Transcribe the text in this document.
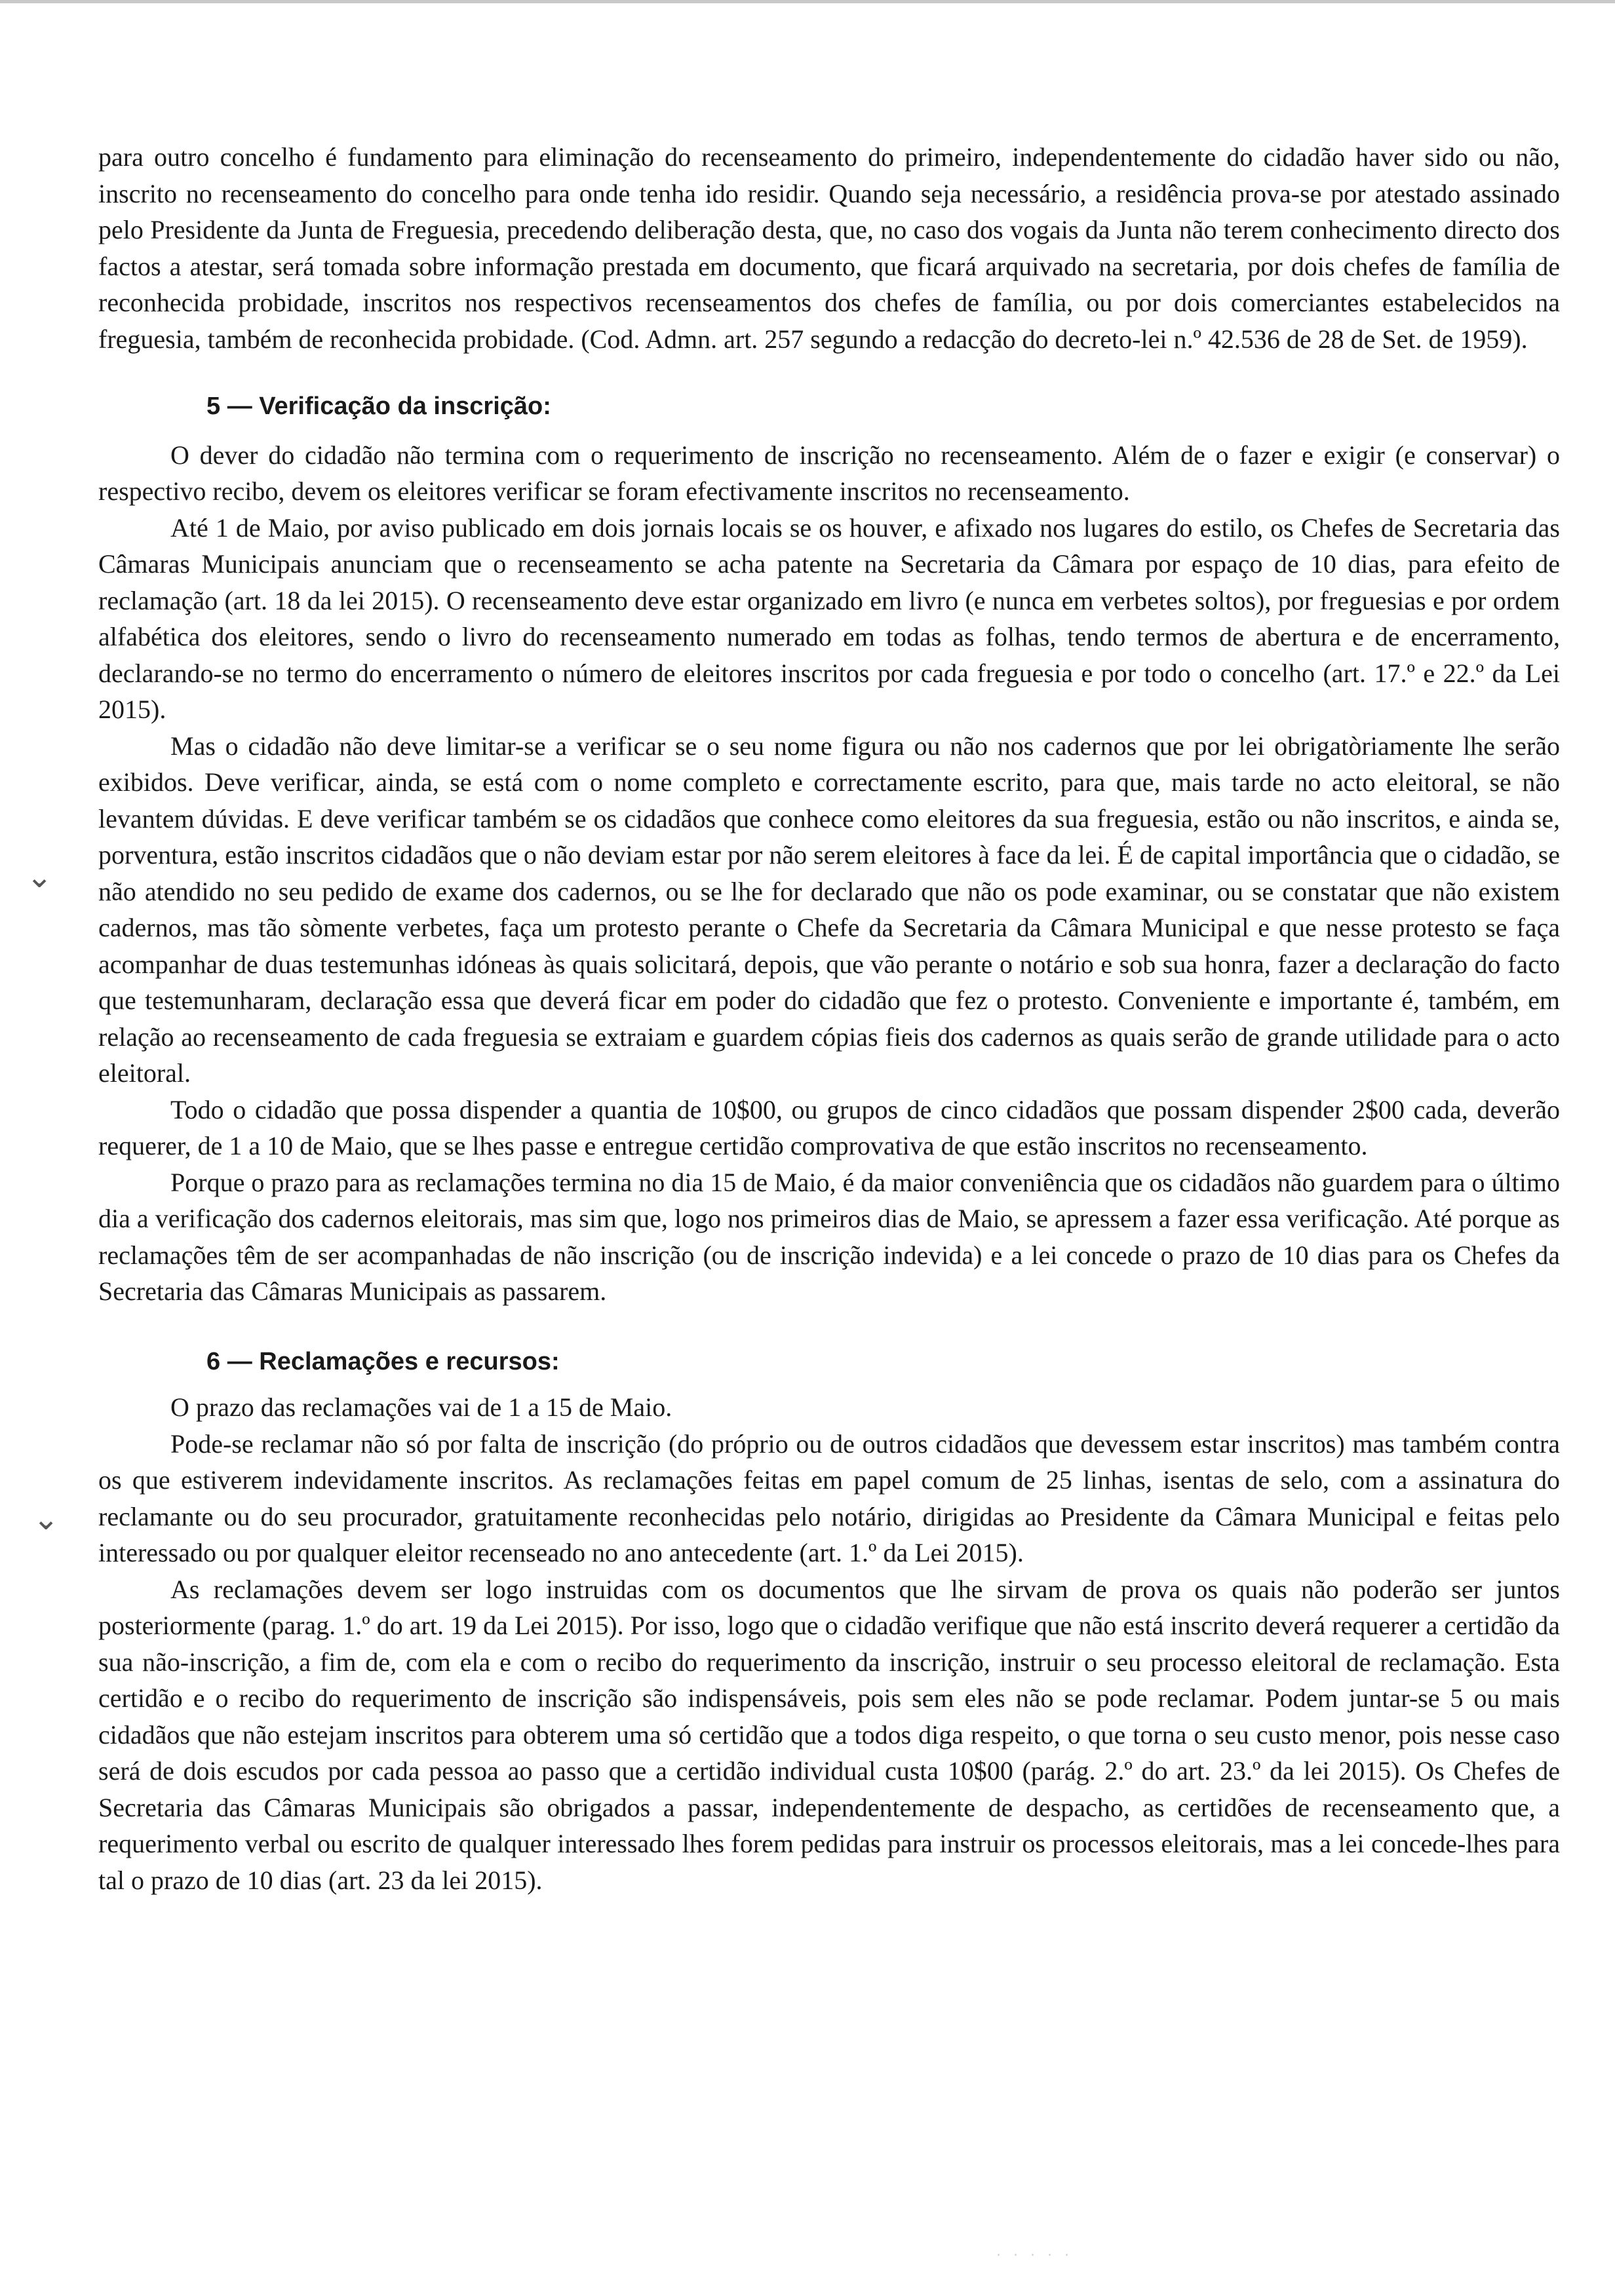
⌄
⌄

para outro concelho é fundamento para eliminação do recenseamento do primeiro, independentemente do cidadão haver sido ou não, inscrito no recenseamento do concelho para onde tenha ido residir. Quando seja necessário, a residência prova-se por atestado assinado pelo Presidente da Junta de Freguesia, precedendo deliberação desta, que, no caso dos vogais da Junta não terem conhecimento directo dos factos a atestar, será tomada sobre informação prestada em documento, que ficará arquivado na secretaria, por dois chefes de família de reconhecida probidade, inscritos nos respectivos recenseamentos dos chefes de família, ou por dois comerciantes estabelecidos na freguesia, também de reconhecida probidade. (Cod. Admn. art. 257 segundo a redacção do decreto-lei n.º 42.536 de 28 de Set. de 1959).

5 — Verificação da inscrição:

O dever do cidadão não termina com o requerimento de inscrição no recenseamento. Além de o fazer e exigir (e conservar) o respectivo recibo, devem os eleitores verificar se foram efectivamente inscritos no recenseamento.

Até 1 de Maio, por aviso publicado em dois jornais locais se os houver, e afixado nos lugares do estilo, os Chefes de Secretaria das Câmaras Municipais anunciam que o recenseamento se acha patente na Secretaria da Câmara por espaço de 10 dias, para efeito de reclamação (art. 18 da lei 2015). O recenseamento deve estar organizado em livro (e nunca em verbetes soltos), por freguesias e por ordem alfabética dos eleitores, sendo o livro do recenseamento numerado em todas as folhas, tendo termos de abertura e de encerramento, declarando-se no termo do encerramento o número de eleitores inscritos por cada freguesia e por todo o concelho (art. 17.º e 22.º da Lei 2015).

Mas o cidadão não deve limitar-se a verificar se o seu nome figura ou não nos cadernos que por lei obrigatòriamente lhe serão exibidos. Deve verificar, ainda, se está com o nome completo e correctamente escrito, para que, mais tarde no acto eleitoral, se não levantem dúvidas. E deve verificar também se os cidadãos que conhece como eleitores da sua freguesia, estão ou não inscritos, e ainda se, porventura, estão inscritos cidadãos que o não deviam estar por não serem eleitores à face da lei. É de capital importância que o cidadão, se não atendido no seu pedido de exame dos cadernos, ou se lhe for declarado que não os pode examinar, ou se constatar que não existem cadernos, mas tão sòmente verbetes, faça um protesto perante o Chefe da Secretaria da Câmara Municipal e que nesse protesto se faça acompanhar de duas testemunhas idóneas às quais solicitará, depois, que vão perante o notário e sob sua honra, fazer a declaração do facto que testemunharam, declaração essa que deverá ficar em poder do cidadão que fez o protesto. Conveniente e importante é, também, em relação ao recenseamento de cada freguesia se extraiam e guardem cópias fieis dos cadernos as quais serão de grande utilidade para o acto eleitoral.

Todo o cidadão que possa dispender a quantia de 10$00, ou grupos de cinco cidadãos que possam dispender 2$00 cada, deverão requerer, de 1 a 10 de Maio, que se lhes passe e entregue certidão comprovativa de que estão inscritos no recenseamento.

Porque o prazo para as reclamações termina no dia 15 de Maio, é da maior conveniência que os cidadãos não guardem para o último dia a verificação dos cadernos eleitorais, mas sim que, logo nos primeiros dias de Maio, se apressem a fazer essa verificação. Até porque as reclamações têm de ser acompanhadas de não inscrição (ou de inscrição indevida) e a lei concede o prazo de 10 dias para os Chefes da Secretaria das Câmaras Municipais as passarem.

6 — Reclamações e recursos:

O prazo das reclamações vai de 1 a 15 de Maio.

Pode-se reclamar não só por falta de inscrição (do próprio ou de outros cidadãos que devessem estar inscritos) mas também contra os que estiverem indevidamente inscritos. As reclamações feitas em papel comum de 25 linhas, isentas de selo, com a assinatura do reclamante ou do seu procurador, gratuitamente reconhecidas pelo notário, dirigidas ao Presidente da Câmara Municipal e feitas pelo interessado ou por qualquer eleitor recenseado no ano antecedente (art. 1.º da Lei 2015).

As reclamações devem ser logo instruidas com os documentos que lhe sirvam de prova os quais não poderão ser juntos posteriormente (parag. 1.º do art. 19 da Lei 2015). Por isso, logo que o cidadão verifique que não está inscrito deverá requerer a certidão da sua não-inscrição, a fim de, com ela e com o recibo do requerimento da inscrição, instruir o seu processo eleitoral de reclamação. Esta certidão e o recibo do requerimento de inscrição são indispensáveis, pois sem eles não se pode reclamar. Podem juntar-se 5 ou mais cidadãos que não estejam inscritos para obterem uma só certidão que a todos diga respeito, o que torna o seu custo menor, pois nesse caso será de dois escudos por cada pessoa ao passo que a certidão individual custa 10$00 (parág. 2.º do art. 23.º da lei 2015). Os Chefes de Secretaria das Câmaras Municipais são obrigados a passar, independentemente de despacho, as certidões de recenseamento que, a requerimento verbal ou escrito de qualquer interessado lhes forem pedidas para instruir os processos eleitorais, mas a lei concede-lhes para tal o prazo de 10 dias (art. 23 da lei 2015).

· · · · ·
